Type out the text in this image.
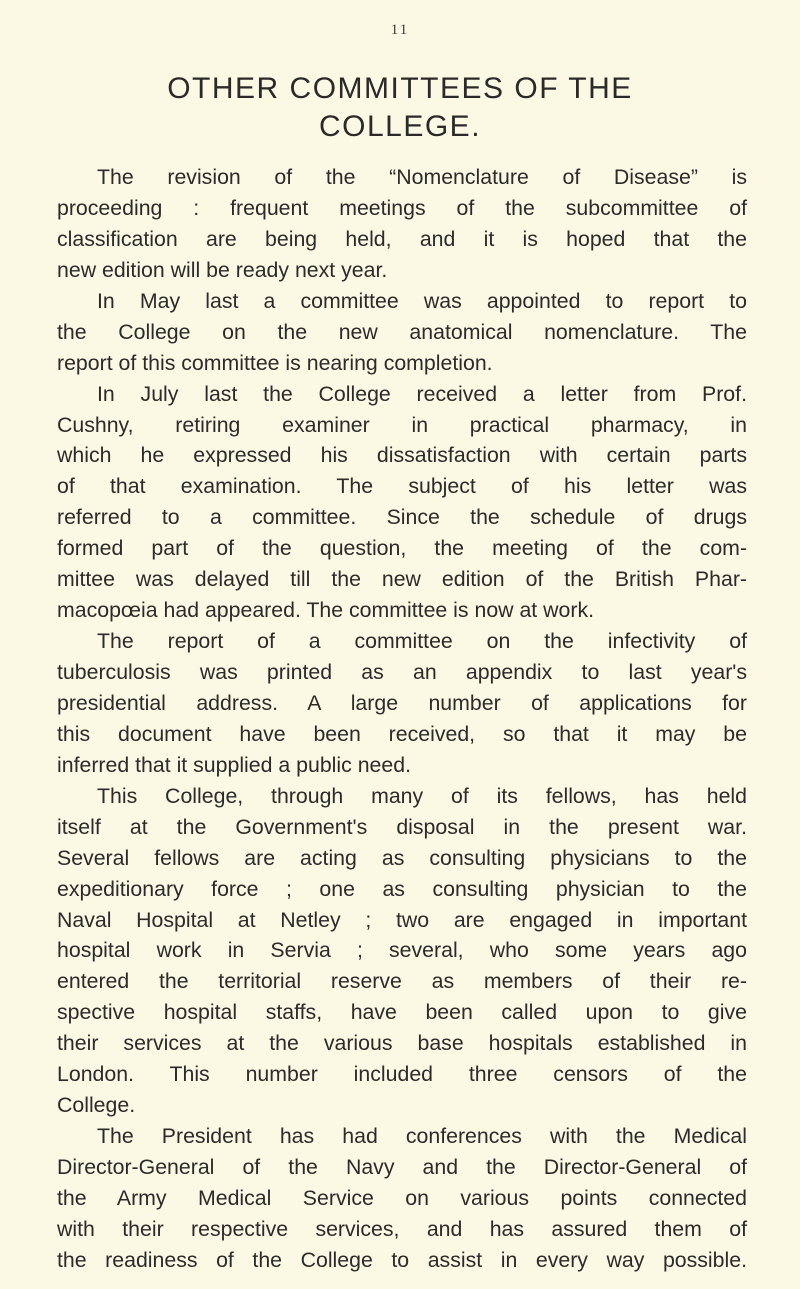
11
OTHER COMMITTEES OF THE
COLLEGE.
The revision of the “Nomenclature of Disease” is
proceeding : frequent meetings of the subcommittee of
classification are being held, and it is hoped that the
new edition will be ready next year.
In May last a committee was appointed to report to
the College on the new anatomical nomenclature. The
report of this committee is nearing completion.
In July last the College received a letter from Prof.
Cushny, retiring examiner in practical pharmacy, in
which he expressed his dissatisfaction with certain parts
of that examination. The subject of his letter was
referred to a committee. Since the schedule of drugs
formed part of the question, the meeting of the com-
mittee was delayed till the new edition of the British Phar-
macopœia had appeared. The committee is now at work.
The report of a committee on the infectivity of
tuberculosis was printed as an appendix to last year's
presidential address. A large number of applications for
this document have been received, so that it may be
inferred that it supplied a public need.
This College, through many of its fellows, has held
itself at the Government's disposal in the present war.
Several fellows are acting as consulting physicians to the
expeditionary force ; one as consulting physician to the
Naval Hospital at Netley ; two are engaged in important
hospital work in Servia ; several, who some years ago
entered the territorial reserve as members of their re-
spective hospital staffs, have been called upon to give
their services at the various base hospitals established in
London. This number included three censors of the
College.
The President has had conferences with the Medical
Director-General of the Navy and the Director-General of
the Army Medical Service on various points connected
with their respective services, and has assured them of
the readiness of the College to assist in every way possible.
